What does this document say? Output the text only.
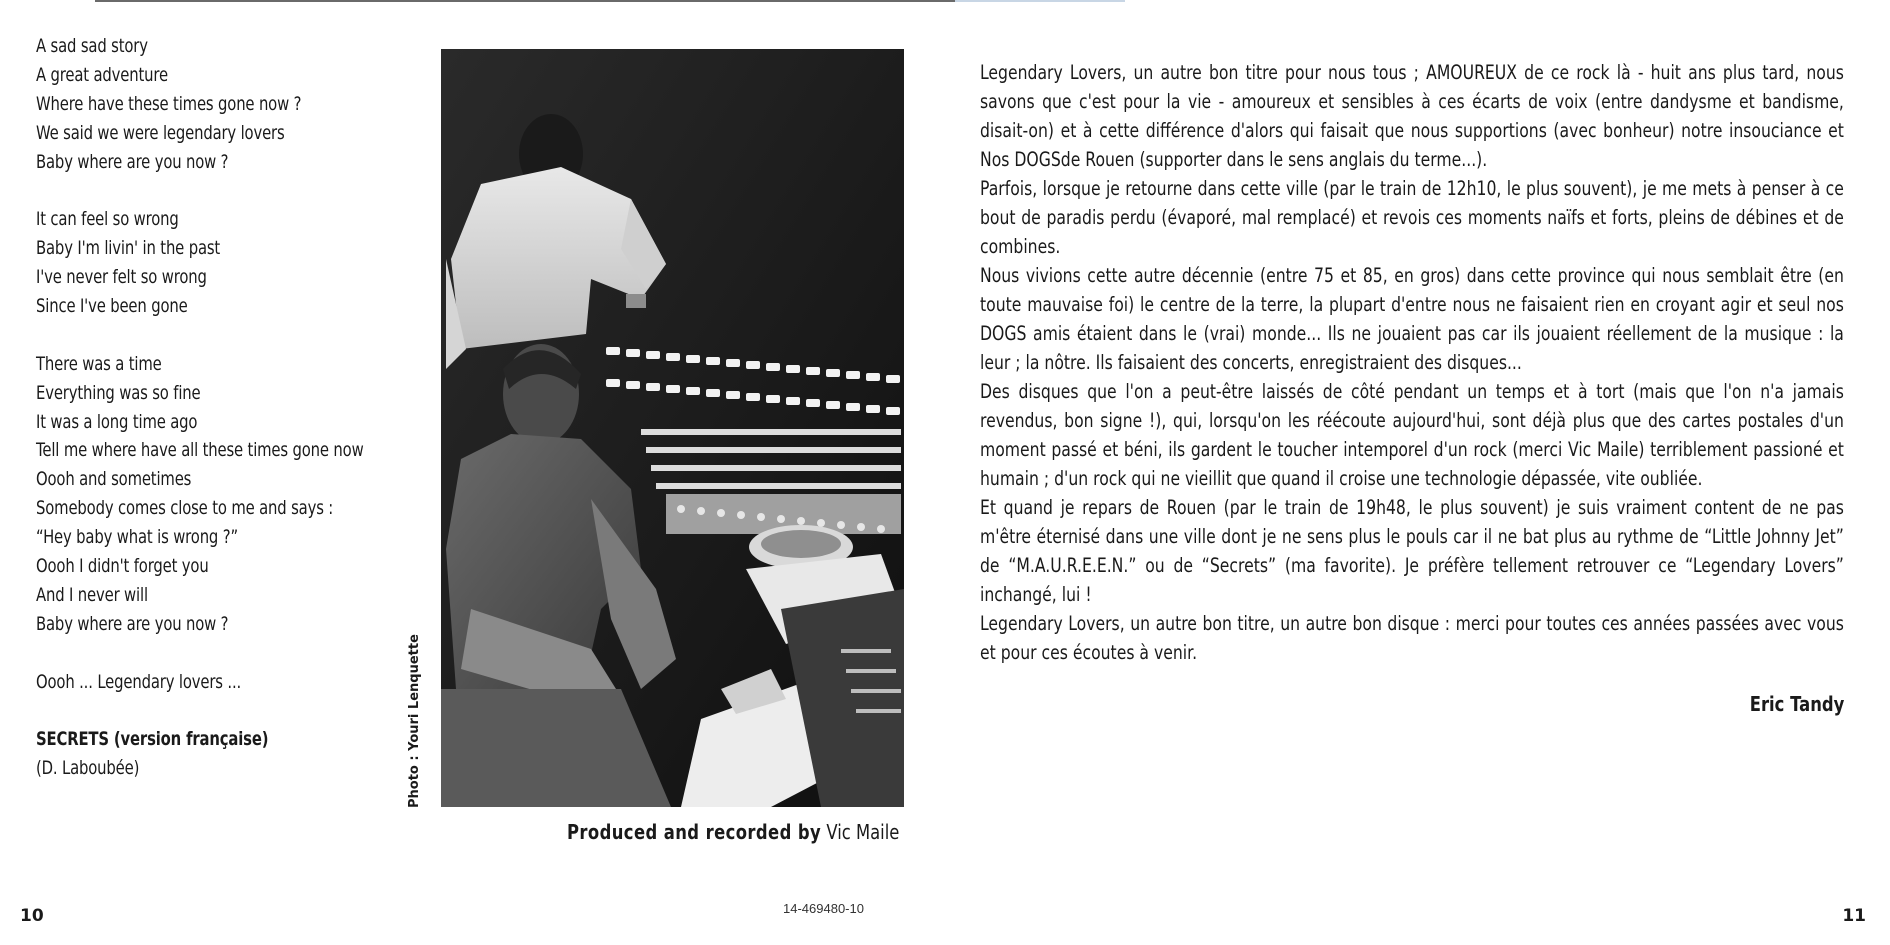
A sad sad story
A great adventure
Where have these times gone now ?
We said we were legendary lovers
Baby where are you now ?
It can feel so wrong
Baby I'm livin' in the past
I've never felt so wrong
Since I've been gone
There was a time
Everything was so fine
It was a long time ago
Tell me where have all these times gone now
Oooh and sometimes
Somebody comes close to me and says :
“Hey baby what is wrong ?”
Oooh I didn't forget you
And I never will
Baby where are you now ?
Oooh ... Legendary lovers ...
SECRETS (version française)
(D. Laboubée)	Photo : Youri Lenquette
Produced and recorded by Vic Maile
10	14-469480-10

Legendary Lovers, un autre bon titre pour nous tous ; AMOUREUX de ce rock là - huit ans plus tard, nous savons que c'est pour la vie - amoureux et sensibles à ces écarts de voix (entre dandysme et bandisme, disait-on) et à cette différence d'alors qui faisait que nous supportions (avec bonheur) notre insouciance et Nos DOGSde Rouen (supporter dans le sens anglais du terme...).

Parfois, lorsque je retourne dans cette ville (par le train de 12h10, le plus souvent), je me mets à penser à ce bout de paradis perdu (évaporé, mal remplacé) et revois ces moments naïfs et forts, pleins de débines et de combines.

Nous vivions cette autre décennie (entre 75 et 85, en gros) dans cette province qui nous semblait être (en toute mauvaise foi) le centre de la terre, la plupart d'entre nous ne faisaient rien en croyant agir et seul nos DOGS amis étaient dans le (vrai) monde... Ils ne jouaient pas car ils jouaient réellement de la musique : la leur ; la nôtre. Ils faisaient des concerts, enregistraient des disques...

Des disques que l'on a peut-être laissés de côté pendant un temps et à tort (mais que l'on n'a jamais revendus, bon signe !), qui, lorsqu'on les réécoute aujourd'hui, sont déjà plus que des cartes postales d'un moment passé et béni, ils gardent le toucher intemporel d'un rock (merci Vic Maile) terriblement passioné et humain ; d'un rock qui ne vieillit que quand il croise une technologie dépassée, vite oubliée.

Et quand je repars de Rouen (par le train de 19h48, le plus souvent) je suis vraiment content de ne pas m'être éternisé dans une ville dont je ne sens plus le pouls car il ne bat plus au rythme de “Little Johnny Jet” de “M.A.U.R.E.E.N.” ou de “Secrets” (ma favorite). Je préfère tellement retrouver ce “Legendary Lovers” inchangé, lui !

Legendary Lovers, un autre bon titre, un autre bon disque : merci pour toutes ces années passées avec vous et pour ces écoutes à venir.

Eric Tandy
11
